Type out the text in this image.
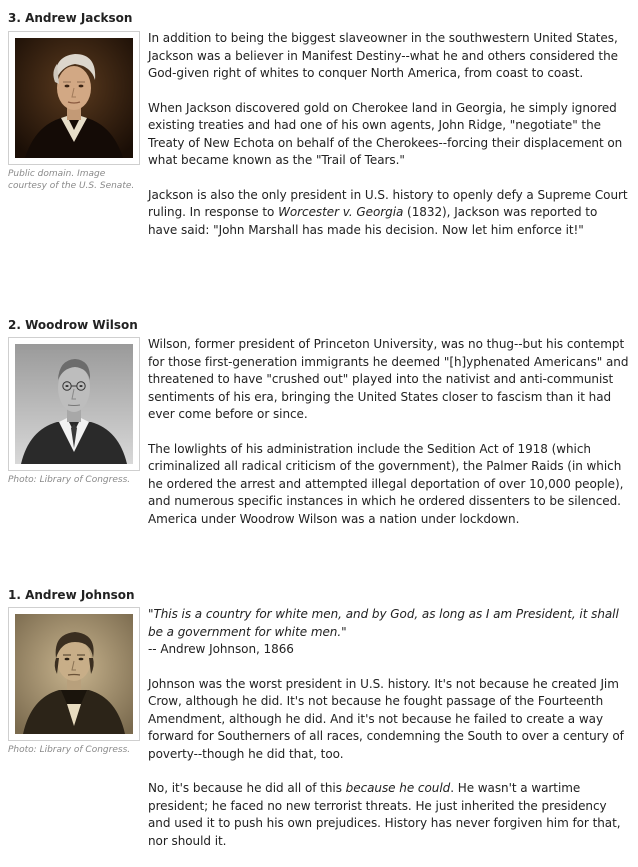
3. Andrew Jackson
Public domain. Image courtesy of the U.S. Senate.

In addition to being the biggest slaveowner in the southwestern United States, Jackson was a believer in Manifest Destiny--what he and others considered the God-given right of whites to conquer North America, from coast to coast.

When Jackson discovered gold on Cherokee land in Georgia, he simply ignored existing treaties and had one of his own agents, John Ridge, "negotiate" the Treaty of New Echota on behalf of the Cherokees--forcing their displacement on what became known as the "Trail of Tears."

Jackson is also the only president in U.S. history to openly defy a Supreme Court ruling. In response to Worcester v. Georgia (1832), Jackson was reported to have said: "John Marshall has made his decision. Now let him enforce it!"

2. Woodrow Wilson
Photo: Library of Congress.

Wilson, former president of Princeton University, was no thug--but his contempt for those first-generation immigrants he deemed "[h]yphenated Americans" and threatened to have "crushed out" played into the nativist and anti-communist sentiments of his era, bringing the United States closer to fascism than it had ever come before or since.

The lowlights of his administration include the Sedition Act of 1918 (which criminalized all radical criticism of the government), the Palmer Raids (in which he ordered the arrest and attempted illegal deportation of over 10,000 people), and numerous specific instances in which he ordered dissenters to be silenced. America under Woodrow Wilson was a nation under lockdown.

1. Andrew Johnson
Photo: Library of Congress.

"This is a country for white men, and by God, as long as I am President, it shall be a government for white men."

-- Andrew Johnson, 1866

Johnson was the worst president in U.S. history. It's not because he created Jim Crow, although he did. It's not because he fought passage of the Fourteenth Amendment, although he did. And it's not because he failed to create a way forward for Southerners of all races, condemning the South to over a century of poverty--though he did that, too.

No, it's because he did all of this because he could. He wasn't a wartime president; he faced no new terrorist threats. He just inherited the presidency and used it to push his own prejudices. History has never forgiven him for that, nor should it.
